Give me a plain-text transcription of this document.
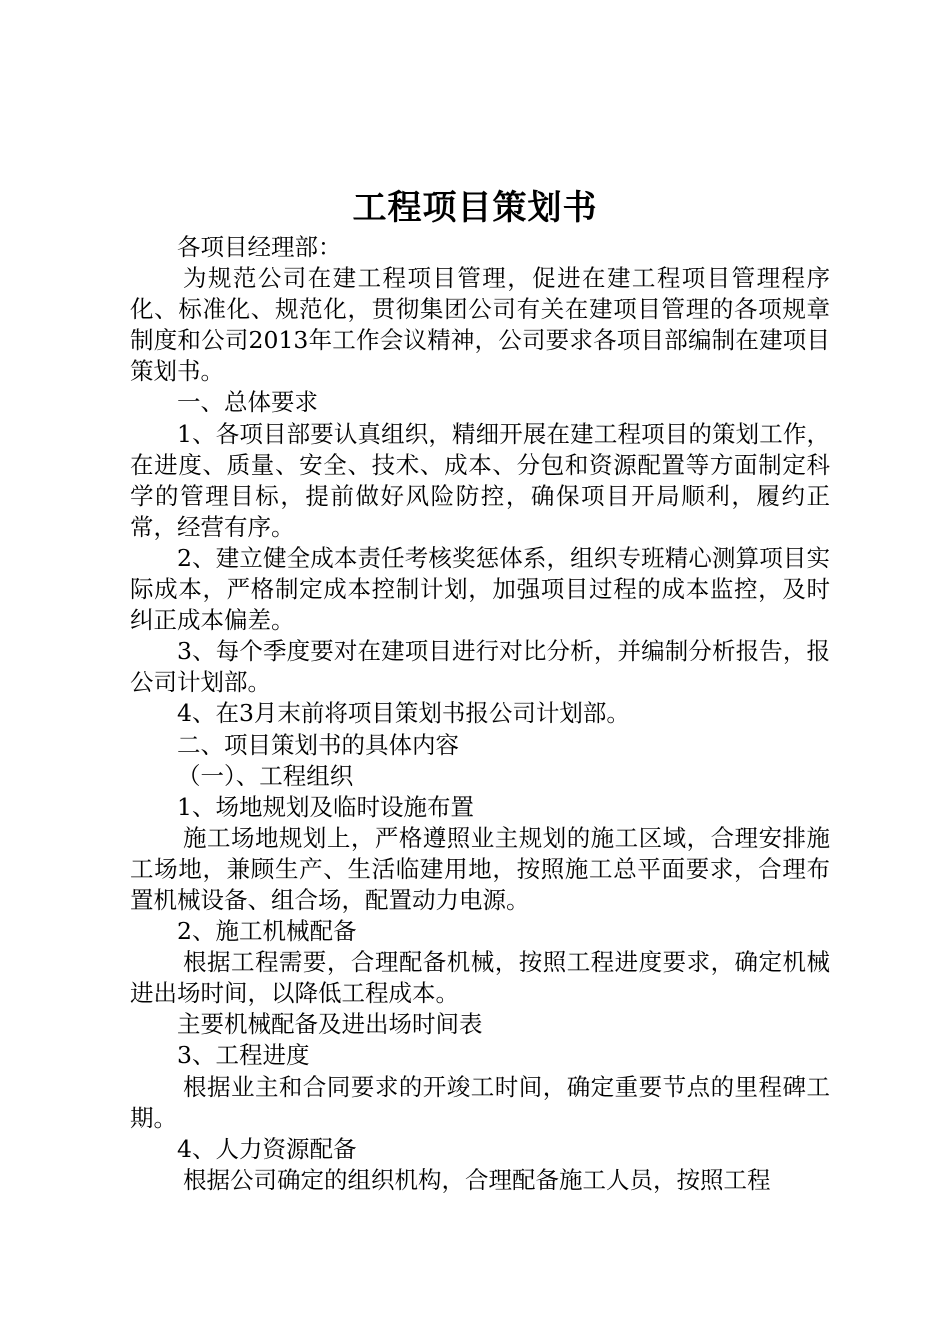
工程项目策划书

各项目经理部：

为规范公司在建工程项目管理，促进在建工程项目管理程序化、标准化、规范化，贯彻集团公司有关在建项目管理的各项规章制度和公司2013年工作会议精神，公司要求各项目部编制在建项目策划书。

一、总体要求

1、各项目部要认真组织，精细开展在建工程项目的策划工作，在进度、质量、安全、技术、成本、分包和资源配置等方面制定科学的管理目标，提前做好风险防控，确保项目开局顺利，履约正常，经营有序。

2、建立健全成本责任考核奖惩体系，组织专班精心测算项目实际成本，严格制定成本控制计划，加强项目过程的成本监控，及时纠正成本偏差。

3、每个季度要对在建项目进行对比分析，并编制分析报告，报公司计划部。

4、在3月末前将项目策划书报公司计划部。

二、项目策划书的具体内容

（一）、工程组织

1、场地规划及临时设施布置

施工场地规划上，严格遵照业主规划的施工区域，合理安排施工场地，兼顾生产、生活临建用地，按照施工总平面要求，合理布置机械设备、组合场，配置动力电源。

2、施工机械配备

根据工程需要，合理配备机械，按照工程进度要求，确定机械进出场时间，以降低工程成本。

主要机械配备及进出场时间表

3、工程进度

根据业主和合同要求的开竣工时间，确定重要节点的里程碑工期。

4、人力资源配备

根据公司确定的组织机构，合理配备施工人员，按照工程
